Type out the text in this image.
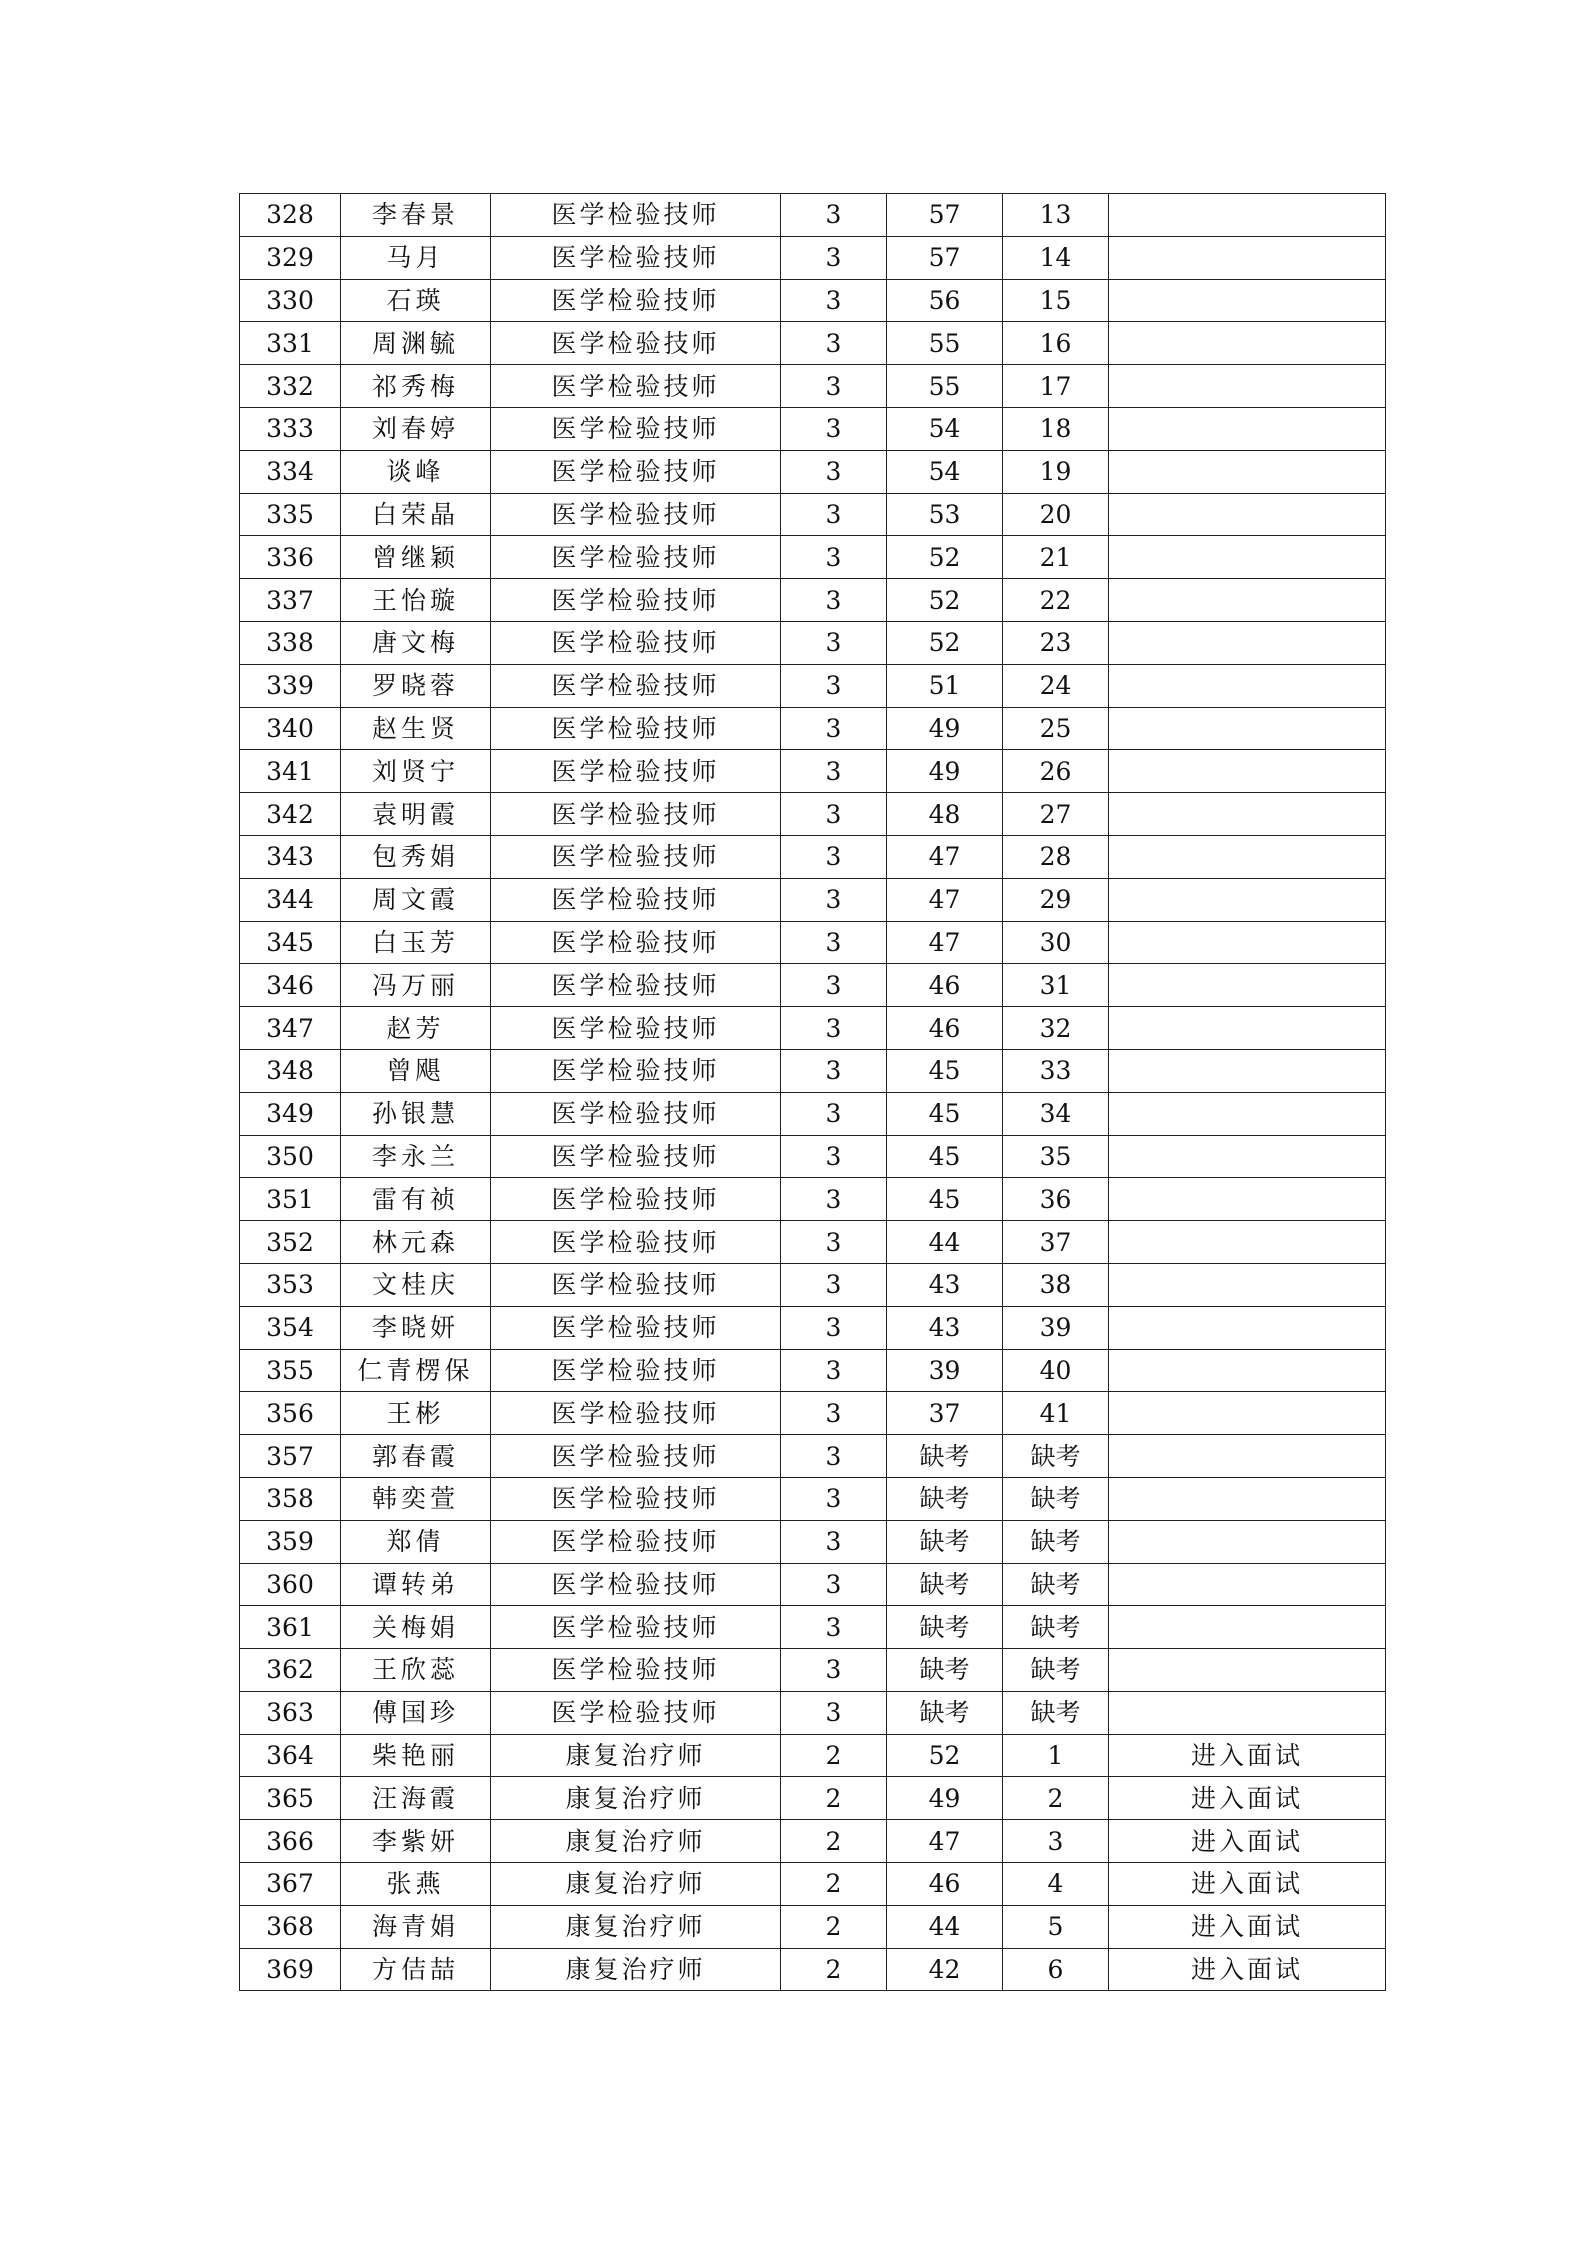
328	李春景	医学检验技师	3	57	13	
329	马月	医学检验技师	3	57	14	
330	石瑛	医学检验技师	3	56	15	
331	周渊毓	医学检验技师	3	55	16	
332	祁秀梅	医学检验技师	3	55	17	
333	刘春婷	医学检验技师	3	54	18	
334	谈峰	医学检验技师	3	54	19	
335	白荣晶	医学检验技师	3	53	20	
336	曾继颖	医学检验技师	3	52	21	
337	王怡璇	医学检验技师	3	52	22	
338	唐文梅	医学检验技师	3	52	23	
339	罗晓蓉	医学检验技师	3	51	24	
340	赵生贤	医学检验技师	3	49	25	
341	刘贤宁	医学检验技师	3	49	26	
342	袁明霞	医学检验技师	3	48	27	
343	包秀娟	医学检验技师	3	47	28	
344	周文霞	医学检验技师	3	47	29	
345	白玉芳	医学检验技师	3	47	30	
346	冯万丽	医学检验技师	3	46	31	
347	赵芳	医学检验技师	3	46	32	
348	曾飓	医学检验技师	3	45	33	
349	孙银慧	医学检验技师	3	45	34	
350	李永兰	医学检验技师	3	45	35	
351	雷有祯	医学检验技师	3	45	36	
352	林元森	医学检验技师	3	44	37	
353	文桂庆	医学检验技师	3	43	38	
354	李晓妍	医学检验技师	3	43	39	
355	仁青楞保	医学检验技师	3	39	40	
356	王彬	医学检验技师	3	37	41	
357	郭春霞	医学检验技师	3	缺考	缺考	
358	韩奕萱	医学检验技师	3	缺考	缺考	
359	郑倩	医学检验技师	3	缺考	缺考	
360	谭转弟	医学检验技师	3	缺考	缺考	
361	关梅娟	医学检验技师	3	缺考	缺考	
362	王欣蕊	医学检验技师	3	缺考	缺考	
363	傅国珍	医学检验技师	3	缺考	缺考	
364	柴艳丽	康复治疗师	2	52	1	进入面试
365	汪海霞	康复治疗师	2	49	2	进入面试
366	李紫妍	康复治疗师	2	47	3	进入面试
367	张燕	康复治疗师	2	46	4	进入面试
368	海青娟	康复治疗师	2	44	5	进入面试
369	方佶喆	康复治疗师	2	42	6	进入面试
